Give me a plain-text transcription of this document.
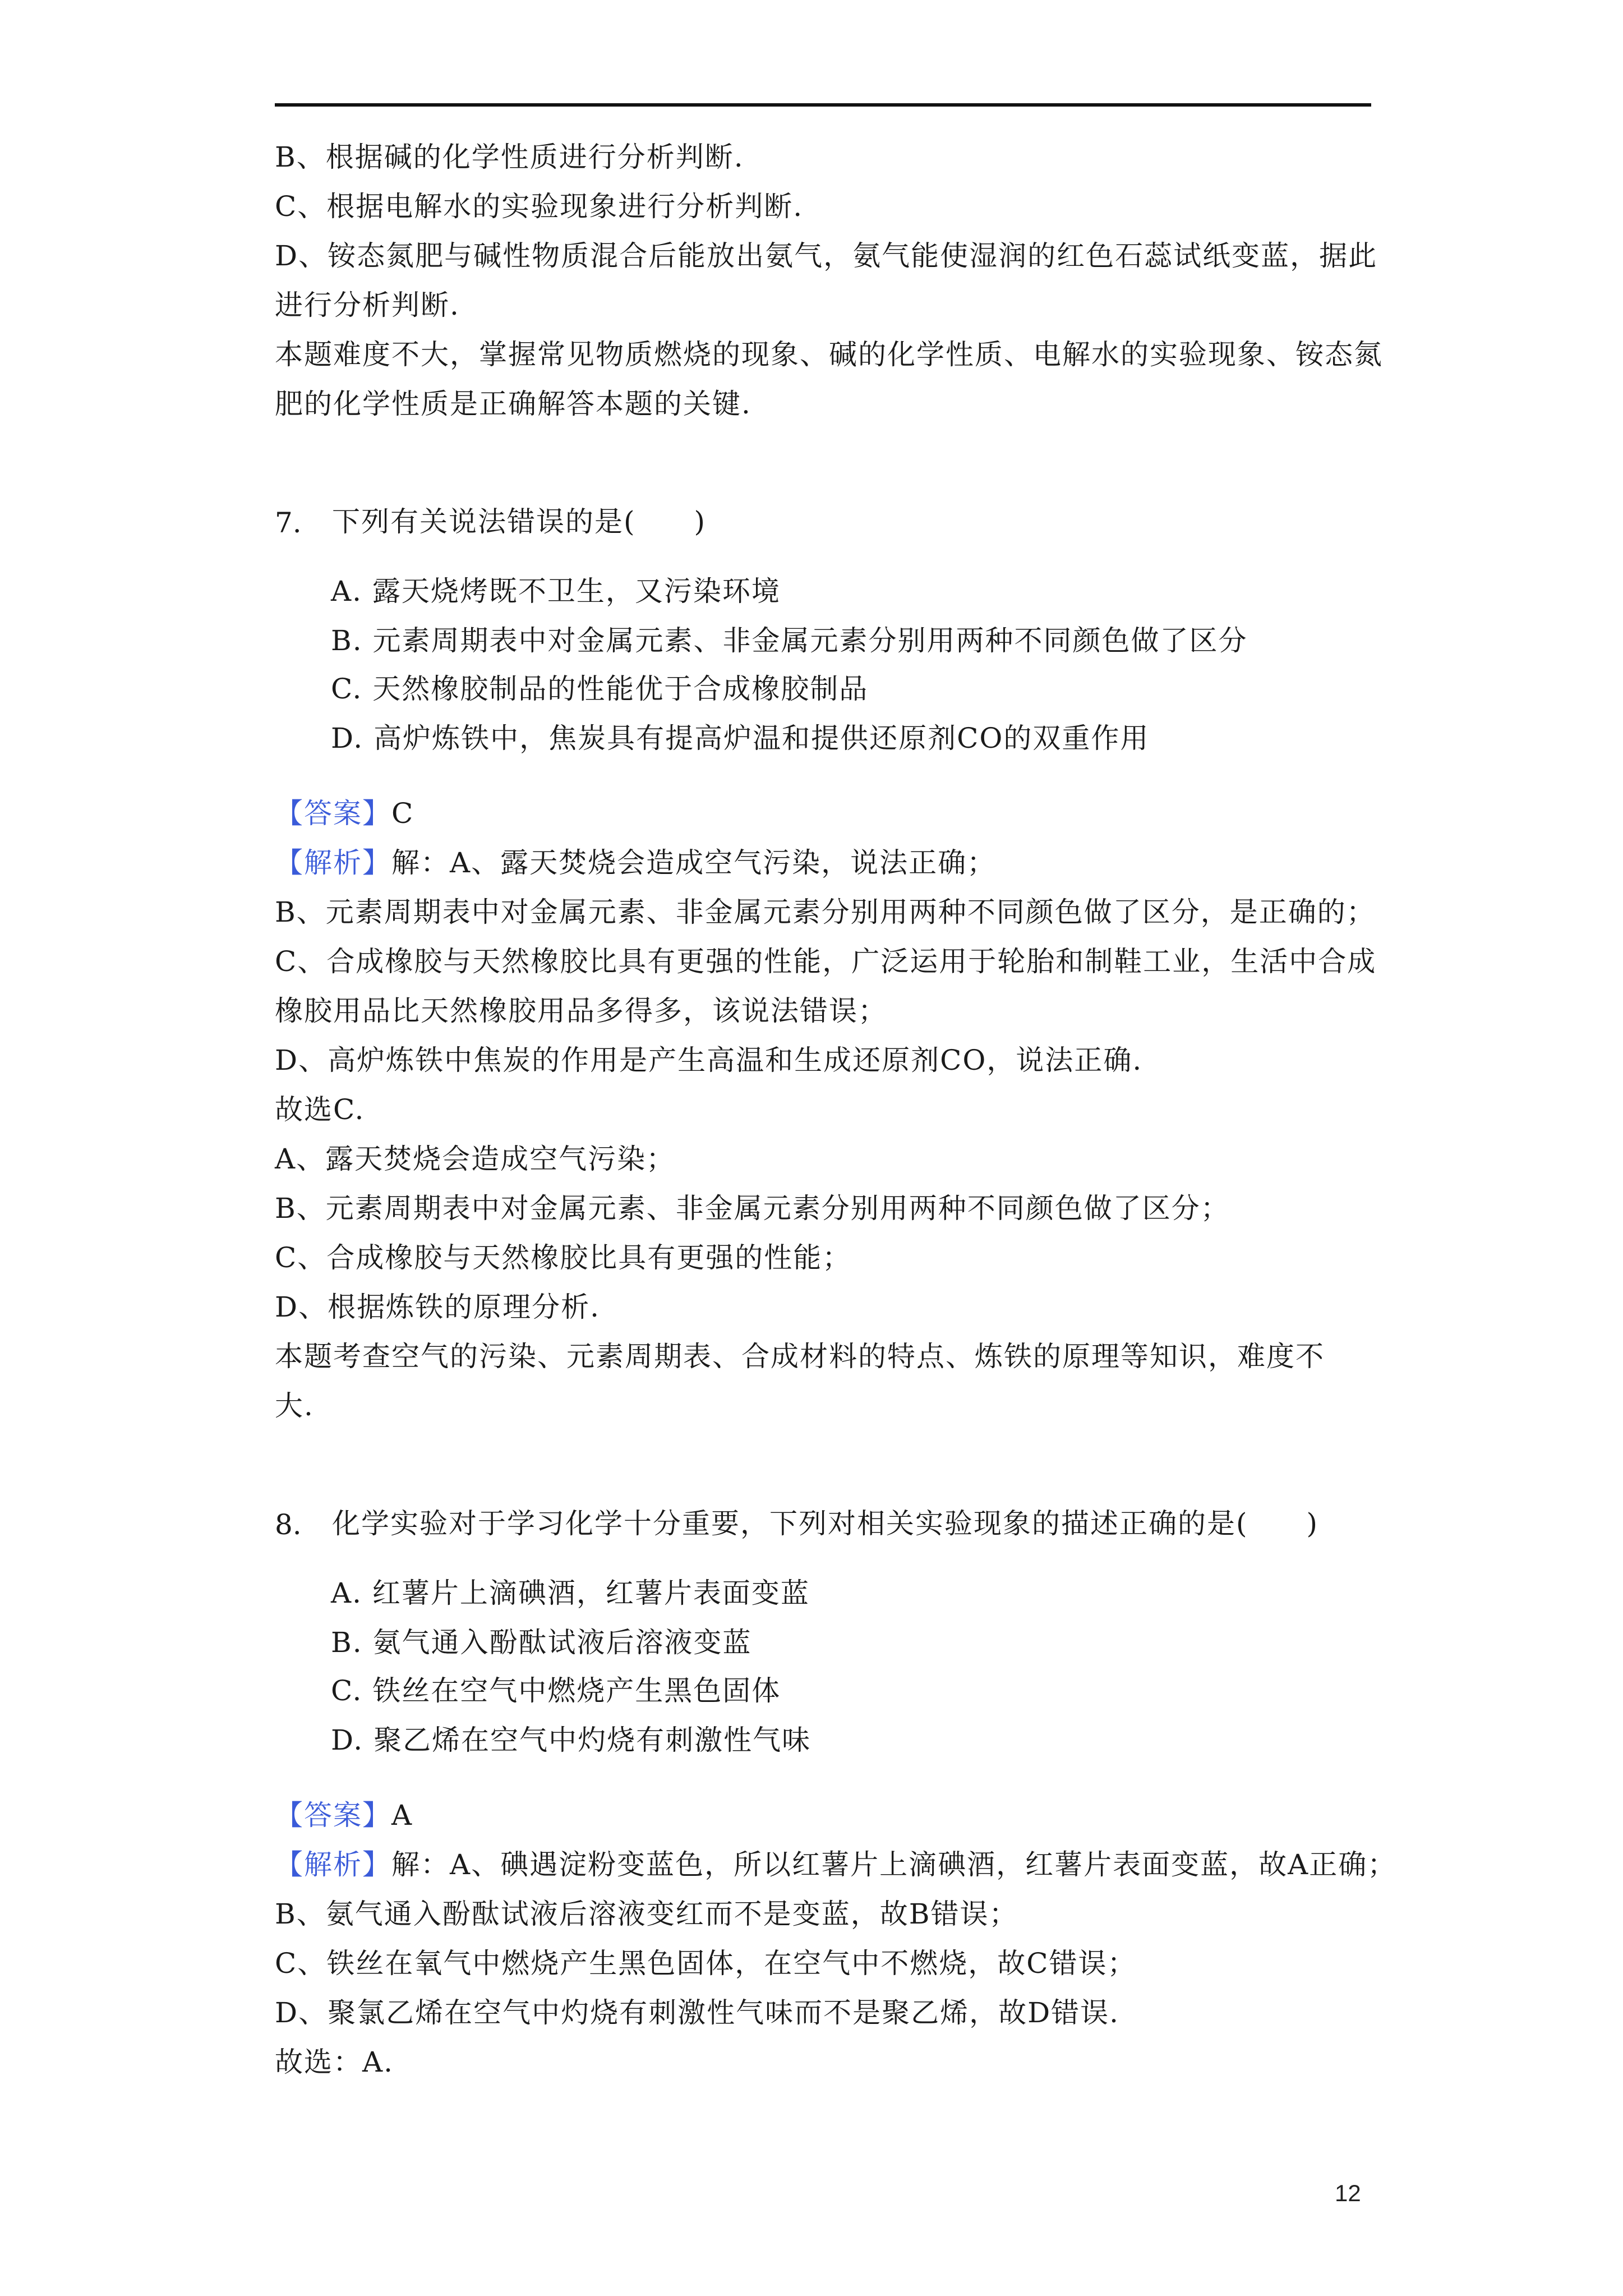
B、根据碱的化学性质进行分析判断.
C、根据电解水的实验现象进行分析判断.
D、铵态氮肥与碱性物质混合后能放出氨气，氨气能使湿润的红色石蕊试纸变蓝，据此
进行分析判断.
本题难度不大，掌握常见物质燃烧的现象、碱的化学性质、电解水的实验现象、铵态氮
肥的化学性质是正确解答本题的关键.
7. 下列有关说法错误的是(　　)
A. 露天烧烤既不卫生，又污染环境
B. 元素周期表中对金属元素、非金属元素分别用两种不同颜色做了区分
C. 天然橡胶制品的性能优于合成橡胶制品
D. 高炉炼铁中，焦炭具有提高炉温和提供还原剂CO的双重作用
【答案】C
【解析】解：A、露天焚烧会造成空气污染，说法正确；
B、元素周期表中对金属元素、非金属元素分别用两种不同颜色做了区分，是正确的；
C、合成橡胶与天然橡胶比具有更强的性能，广泛运用于轮胎和制鞋工业，生活中合成
橡胶用品比天然橡胶用品多得多，该说法错误；
D、高炉炼铁中焦炭的作用是产生高温和生成还原剂CO，说法正确.
故选C.
A、露天焚烧会造成空气污染；
B、元素周期表中对金属元素、非金属元素分别用两种不同颜色做了区分；
C、合成橡胶与天然橡胶比具有更强的性能；
D、根据炼铁的原理分析.
本题考查空气的污染、元素周期表、合成材料的特点、炼铁的原理等知识，难度不
大.
8. 化学实验对于学习化学十分重要，下列对相关实验现象的描述正确的是(　　)
A. 红薯片上滴碘酒，红薯片表面变蓝
B. 氨气通入酚酞试液后溶液变蓝
C. 铁丝在空气中燃烧产生黑色固体
D. 聚乙烯在空气中灼烧有刺激性气味
【答案】A
【解析】解：A、碘遇淀粉变蓝色，所以红薯片上滴碘酒，红薯片表面变蓝，故A正确；
B、氨气通入酚酞试液后溶液变红而不是变蓝，故B错误；
C、铁丝在氧气中燃烧产生黑色固体，在空气中不燃烧，故C错误；
D、聚氯乙烯在空气中灼烧有刺激性气味而不是聚乙烯，故D错误.
故选：A.
12
